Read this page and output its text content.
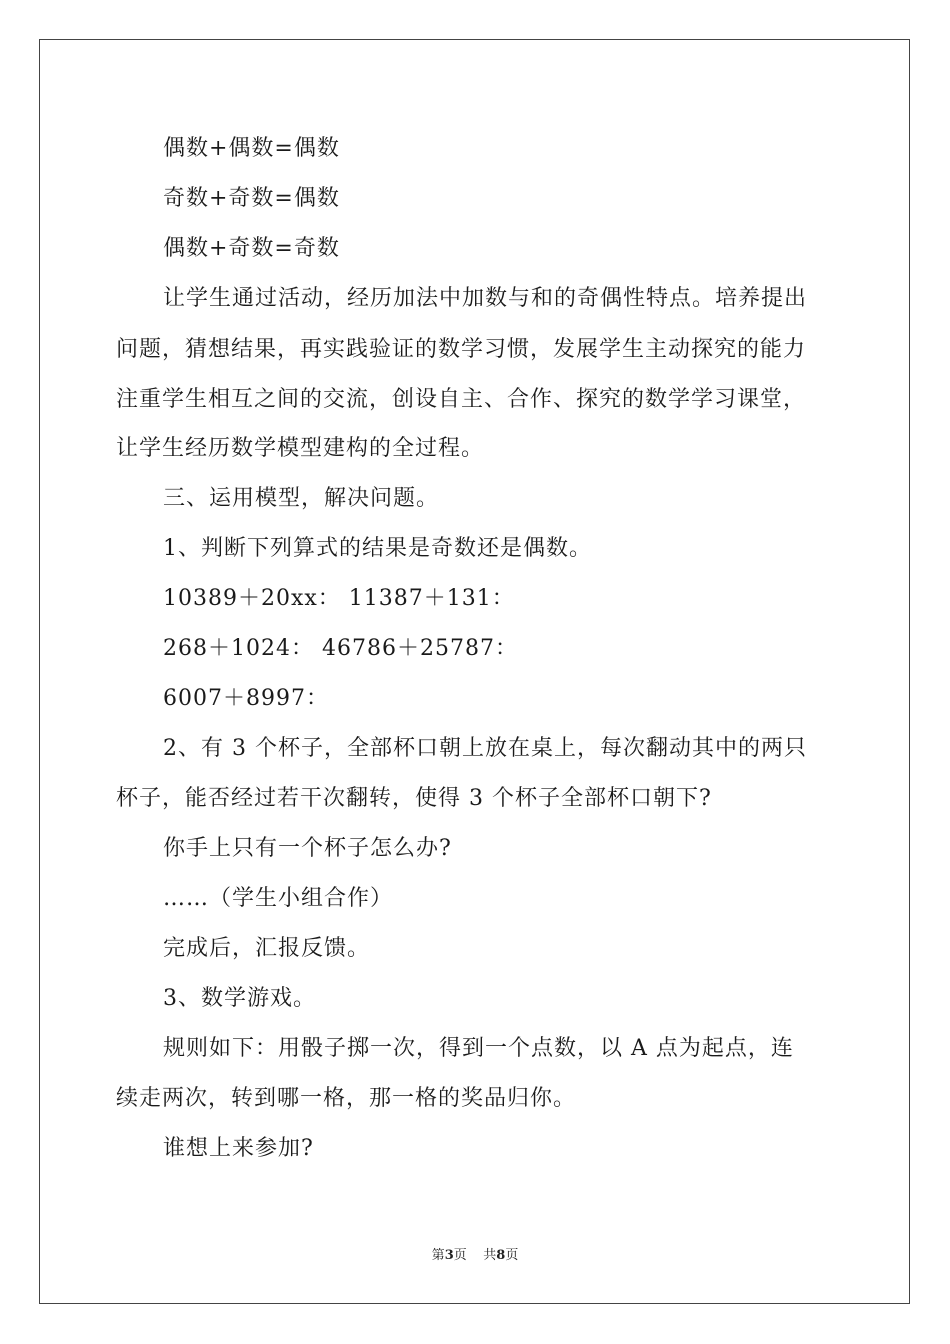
偶数+偶数=偶数
奇数+奇数=偶数
偶数+奇数=奇数
让学生通过活动，经历加法中加数与和的奇偶性特点。培养提出
问题，猜想结果，再实践验证的数学习惯，发展学生主动探究的能力
注重学生相互之间的交流，创设自主、合作、探究的数学学习课堂，
让学生经历数学模型建构的全过程。
三、运用模型，解决问题。
1、判断下列算式的结果是奇数还是偶数。
10389＋20xx： 11387＋131：
268＋1024： 46786＋25787：
6007＋8997：
2、有 3 个杯子，全部杯口朝上放在桌上，每次翻动其中的两只
杯子，能否经过若干次翻转，使得 3 个杯子全部杯口朝下?
你手上只有一个杯子怎么办?
……（学生小组合作）
完成后，汇报反馈。
3、数学游戏。
规则如下：用骰子掷一次，得到一个点数，以 A 点为起点，连
续走两次，转到哪一格，那一格的奖品归你。
谁想上来参加?
第3页    共8页
